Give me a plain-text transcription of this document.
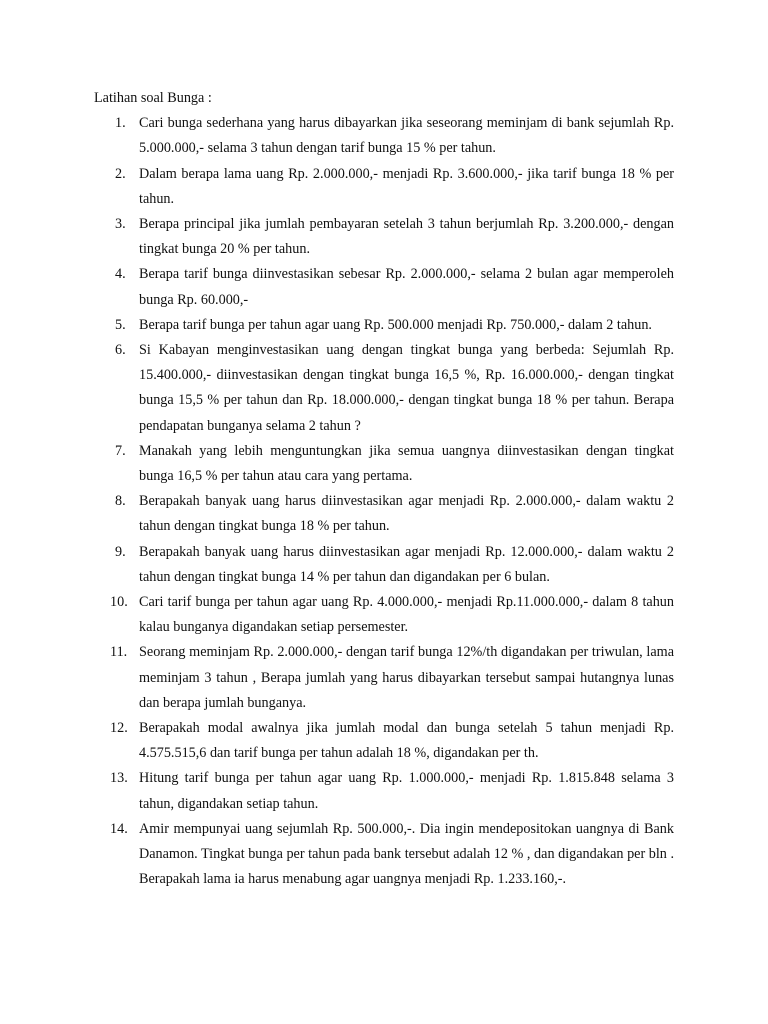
Latihan soal Bunga :

1. Cari bunga sederhana yang harus dibayarkan jika seseorang meminjam di bank sejumlah Rp. 5.000.000,- selama 3 tahun dengan tarif bunga 15 % per tahun.
2. Dalam berapa lama uang Rp. 2.000.000,- menjadi Rp. 3.600.000,- jika tarif bunga 18 % per tahun.
3. Berapa principal jika jumlah pembayaran setelah 3 tahun berjumlah Rp. 3.200.000,- dengan tingkat bunga 20 % per tahun.
4. Berapa tarif bunga diinvestasikan sebesar Rp. 2.000.000,- selama 2 bulan agar memperoleh bunga Rp. 60.000,-
5. Berapa tarif bunga per tahun agar uang Rp. 500.000 menjadi Rp. 750.000,- dalam 2 tahun.
6. Si Kabayan menginvestasikan uang dengan tingkat bunga yang berbeda: Sejumlah Rp. 15.400.000,- diinvestasikan dengan tingkat bunga 16,5 %, Rp. 16.000.000,- dengan tingkat bunga 15,5 % per tahun dan Rp. 18.000.000,- dengan tingkat bunga 18 % per tahun. Berapa pendapatan bunganya selama 2 tahun ?
7. Manakah yang lebih menguntungkan jika semua uangnya diinvestasikan dengan tingkat bunga 16,5 % per tahun atau cara yang pertama.
8. Berapakah banyak uang harus diinvestasikan agar menjadi Rp. 2.000.000,- dalam waktu 2 tahun dengan tingkat bunga 18 % per tahun.
9. Berapakah banyak uang harus diinvestasikan agar menjadi Rp. 12.000.000,- dalam waktu 2 tahun dengan tingkat bunga 14 % per tahun dan digandakan per 6 bulan.
10. Cari tarif bunga per tahun agar uang Rp. 4.000.000,- menjadi Rp.11.000.000,- dalam 8 tahun kalau bunganya digandakan setiap persemester.
11. Seorang meminjam Rp. 2.000.000,- dengan tarif bunga 12%/th digandakan per triwulan, lama meminjam 3 tahun , Berapa jumlah yang harus dibayarkan tersebut sampai hutangnya lunas dan berapa jumlah bunganya.
12. Berapakah modal awalnya jika jumlah modal dan bunga setelah 5 tahun menjadi Rp. 4.575.515,6 dan tarif bunga per tahun adalah 18 %, digandakan per th.
13. Hitung tarif bunga per tahun agar uang Rp. 1.000.000,- menjadi Rp. 1.815.848 selama 3 tahun, digandakan setiap tahun.
14. Amir mempunyai uang sejumlah Rp. 500.000,-. Dia ingin mendepositokan uangnya di Bank Danamon. Tingkat bunga per tahun pada bank tersebut adalah 12 % , dan digandakan per bln . Berapakah lama ia harus menabung agar uangnya menjadi Rp. 1.233.160,-.
